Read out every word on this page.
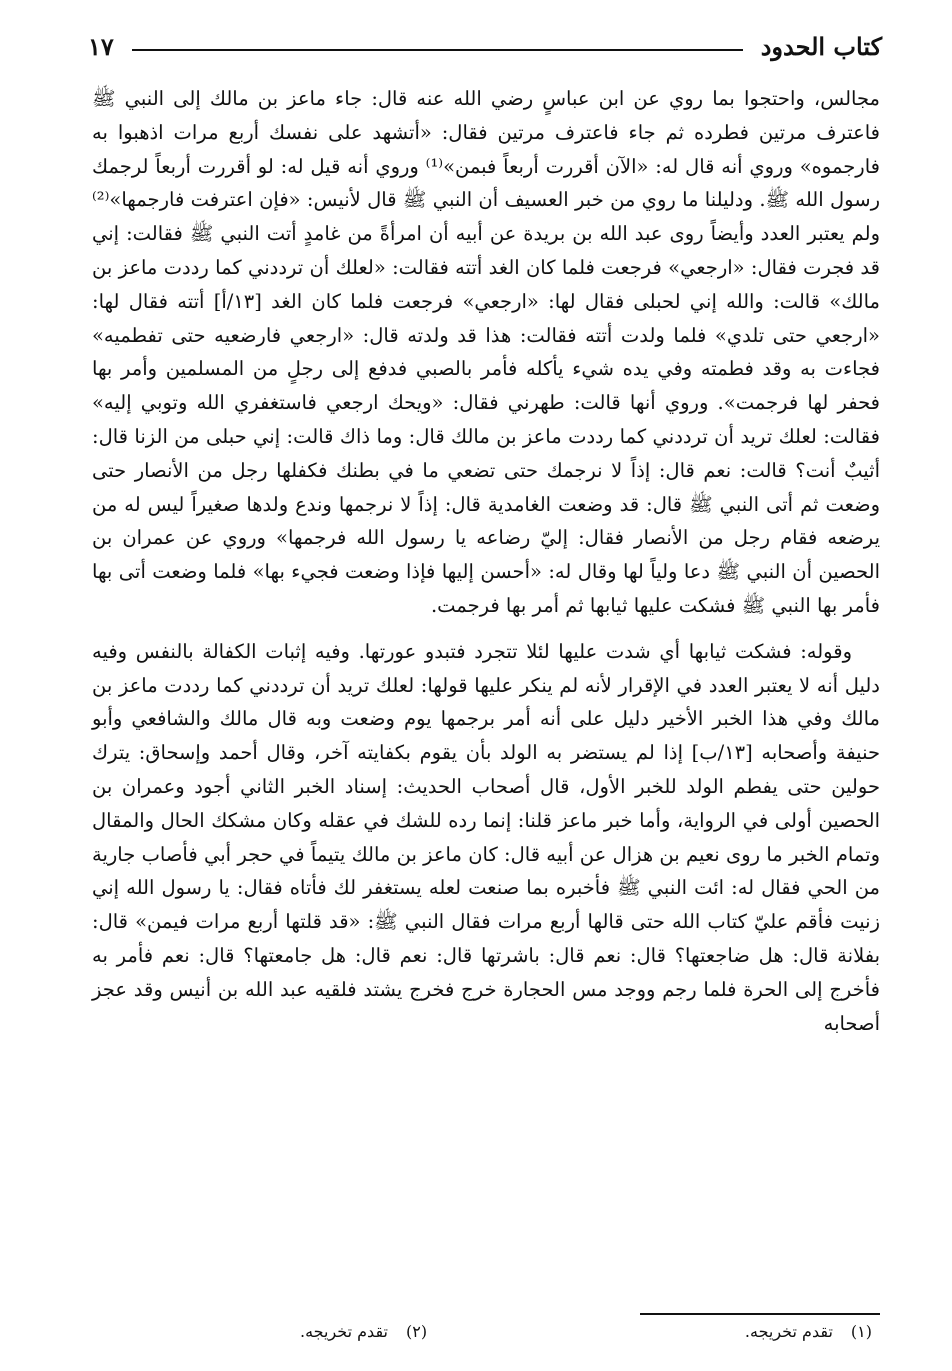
كتاب الحدود
١٧

مجالس، واحتجوا بما روي عن ابن عباسٍ رضي الله عنه قال: جاء ماعز بن مالك إلى النبي ﷺ فاعترف مرتين فطرده ثم جاء فاعترف مرتين فقال: «أتشهد على نفسك أربع مرات اذهبوا به فارجموه» وروي أنه قال له: «الآن أقررت أربعاً فبمن»⁽¹⁾ وروي أنه قيل له: لو أقررت أربعاً لرجمك رسول الله ﷺ. ودليلنا ما روي من خبر العسيف أن النبي ﷺ قال لأنيس: «فإن اعترفت فارجمها»⁽²⁾ ولم يعتبر العدد وأيضاً روى عبد الله بن بريدة عن أبيه أن امرأةً من غامدٍ أتت النبي ﷺ فقالت: إني قد فجرت فقال: «ارجعي» فرجعت فلما كان الغد أتته فقالت: «لعلك أن ترددني كما رددت ماعز بن مالك» قالت: والله إني لحبلى فقال لها: «ارجعي» فرجعت فلما كان الغد [١٣/أ] أتته فقال لها: «ارجعي حتى تلدي» فلما ولدت أتته فقالت: هذا قد ولدته قال: «ارجعي فارضعيه حتى تفطميه» فجاءت به وقد فطمته وفي يده شيء يأكله فأمر بالصبي فدفع إلى رجلٍ من المسلمين وأمر بها فحفر لها فرجمت». وروي أنها قالت: طهرني فقال: «ويحك ارجعي فاستغفري الله وتوبي إليه» فقالت: لعلك تريد أن ترددني كما رددت ماعز بن مالك قال: وما ذاك قالت: إني حبلى من الزنا قال: أثيبٌ أنت؟ قالت: نعم قال: إذاً لا نرجمك حتى تضعي ما في بطنك فكفلها رجل من الأنصار حتى وضعت ثم أتى النبي ﷺ قال: قد وضعت الغامدية قال: إذاً لا نرجمها وندع ولدها صغيراً ليس له من يرضعه فقام رجل من الأنصار فقال: إليّ رضاعه يا رسول الله فرجمها» وروي عن عمران بن الحصين أن النبي ﷺ دعا ولياً لها وقال له: «أحسن إليها فإذا وضعت فجيء بها» فلما وضعت أتى بها فأمر بها النبي ﷺ فشكت عليها ثيابها ثم أمر بها فرجمت.

وقوله: فشكت ثيابها أي شدت عليها لئلا تتجرد فتبدو عورتها. وفيه إثبات الكفالة بالنفس وفيه دليل أنه لا يعتبر العدد في الإقرار لأنه لم ينكر عليها قولها: لعلك تريد أن ترددني كما رددت ماعز بن مالك وفي هذا الخبر الأخير دليل على أنه أمر برجمها يوم وضعت وبه قال مالك والشافعي وأبو حنيفة وأصحابه [١٣/ب] إذا لم يستضر به الولد بأن يقوم بكفايته آخر، وقال أحمد وإسحاق: يترك حولين حتى يفطم الولد للخبر الأول، قال أصحاب الحديث: إسناد الخبر الثاني أجود وعمران بن الحصين أولى في الرواية، وأما خبر ماعز قلنا: إنما رده للشك في عقله وكان مشكك الحال والمقال وتمام الخبر ما روى نعيم بن هزال عن أبيه قال: كان ماعز بن مالك يتيماً في حجر أبي فأصاب جارية من الحي فقال له: ائت النبي ﷺ فأخبره بما صنعت لعله يستغفر لك فأتاه فقال: يا رسول الله إني زنيت فأقم عليّ كتاب الله حتى قالها أربع مرات فقال النبي ﷺ: «قد قلتها أربع مرات فيمن» قال: بفلانة قال: هل ضاجعتها؟ قال: نعم قال: باشرتها قال: نعم قال: هل جامعتها؟ قال: نعم فأمر به فأخرج إلى الحرة فلما رجم ووجد مس الحجارة خرج فخرج يشتد فلقيه عبد الله بن أنيس وقد عجز أصحابه

(١)تقدم تخريجه.
(٢)تقدم تخريجه.
